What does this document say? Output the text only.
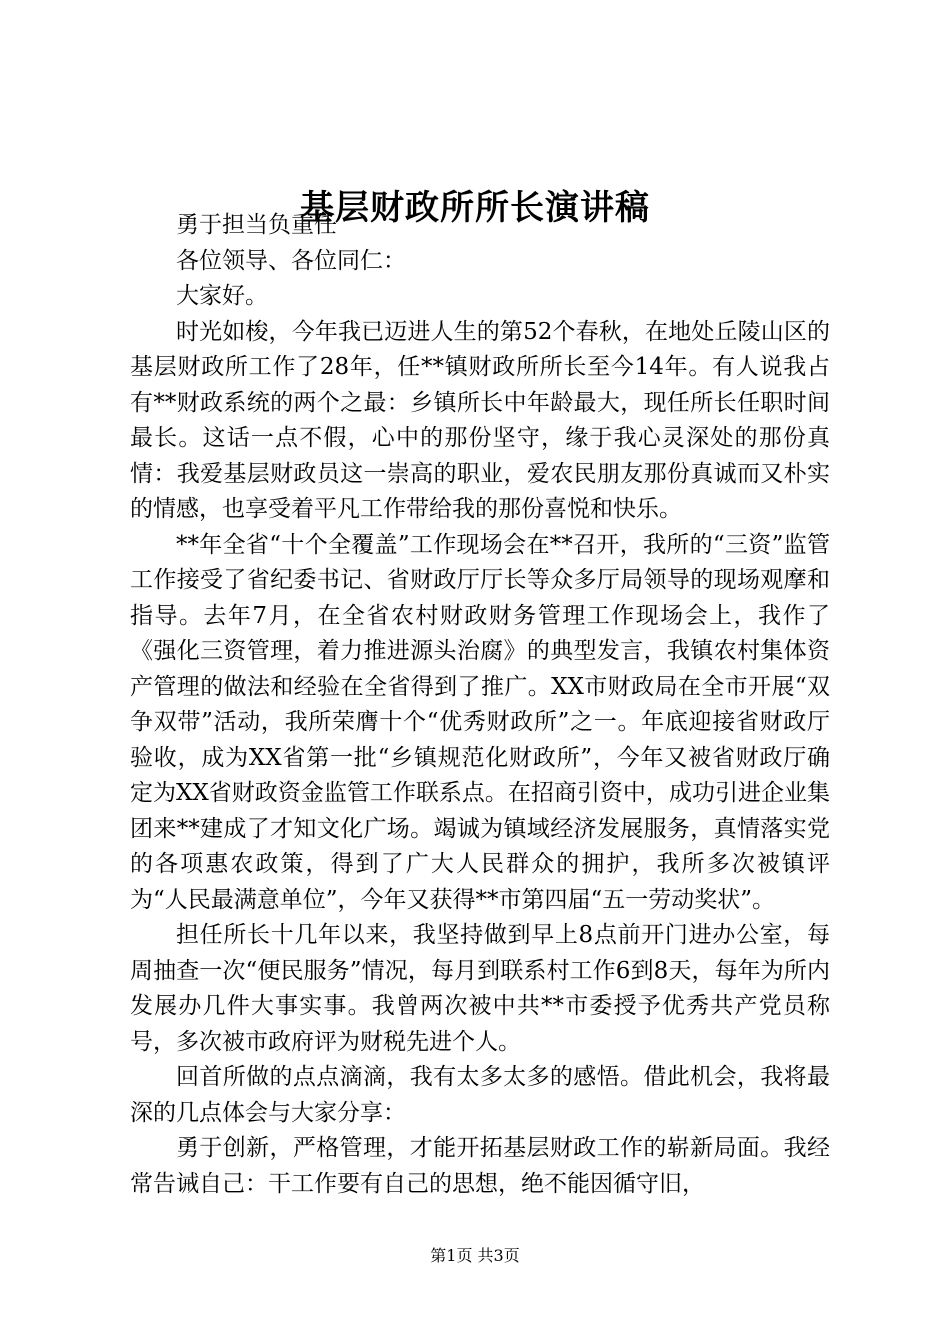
基层财政所所长演讲稿

勇于担当负重任

各位领导、各位同仁：

大家好。

时光如梭，今年我已迈进人生的第52个春秋，在地处丘陵山区的基层财政所工作了28年，任**镇财政所所长至今14年。有人说我占有**财政系统的两个之最：乡镇所长中年龄最大，现任所长任职时间最长。这话一点不假，心中的那份坚守，缘于我心灵深处的那份真情：我爱基层财政员这一崇高的职业，爱农民朋友那份真诚而又朴实的情感，也享受着平凡工作带给我的那份喜悦和快乐。

**年全省“十个全覆盖”工作现场会在**召开，我所的“三资”监管工作接受了省纪委书记、省财政厅厅长等众多厅局领导的现场观摩和指导。去年7月，在全省农村财政财务管理工作现场会上，我作了《强化三资管理，着力推进源头治腐》的典型发言，我镇农村集体资产管理的做法和经验在全省得到了推广。XX市财政局在全市开展“双争双带”活动，我所荣膺十个“优秀财政所”之一。年底迎接省财政厅验收，成为XX省第一批“乡镇规范化财政所”，今年又被省财政厅确定为XX省财政资金监管工作联系点。在招商引资中，成功引进企业集团来**建成了才知文化广场。竭诚为镇域经济发展服务，真情落实党的各项惠农政策，得到了广大人民群众的拥护，我所多次被镇评为“人民最满意单位”，今年又获得**市第四届“五一劳动奖状”。

担任所长十几年以来，我坚持做到早上8点前开门进办公室，每周抽查一次“便民服务”情况，每月到联系村工作6到8天，每年为所内发展办几件大事实事。我曾两次被中共**市委授予优秀共产党员称号，多次被市政府评为财税先进个人。

回首所做的点点滴滴，我有太多太多的感悟。借此机会，我将最深的几点体会与大家分享：

勇于创新，严格管理，才能开拓基层财政工作的崭新局面。我经常告诫自己：干工作要有自己的思想，绝不能因循守旧，

第1页 共3页
